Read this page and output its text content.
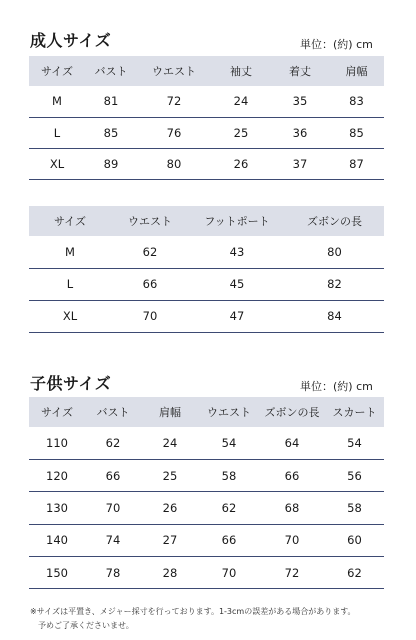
成人サイズ	単位：(約) cm
サイズ	バスト	ウエスト	袖丈	着丈	肩幅
M	81	72	24	35	83
L	85	76	25	36	85
XL	89	80	26	37	87
サイズ	ウエスト	フットポート	ズボンの長
M	62	43	80
L	66	45	82
XL	70	47	84
子供サイズ	単位：(約) cm
サイズ	バスト	肩幅	ウエスト	ズボンの長	スカート
110	62	24	54	64	54
120	66	25	58	66	56
130	70	26	62	68	58
140	74	27	66	70	60
150	78	28	70	72	62
※サイズは平置き、メジャー採寸を行っております。1-3cmの誤差がある場合があります。
予めご了承くださいませ。
